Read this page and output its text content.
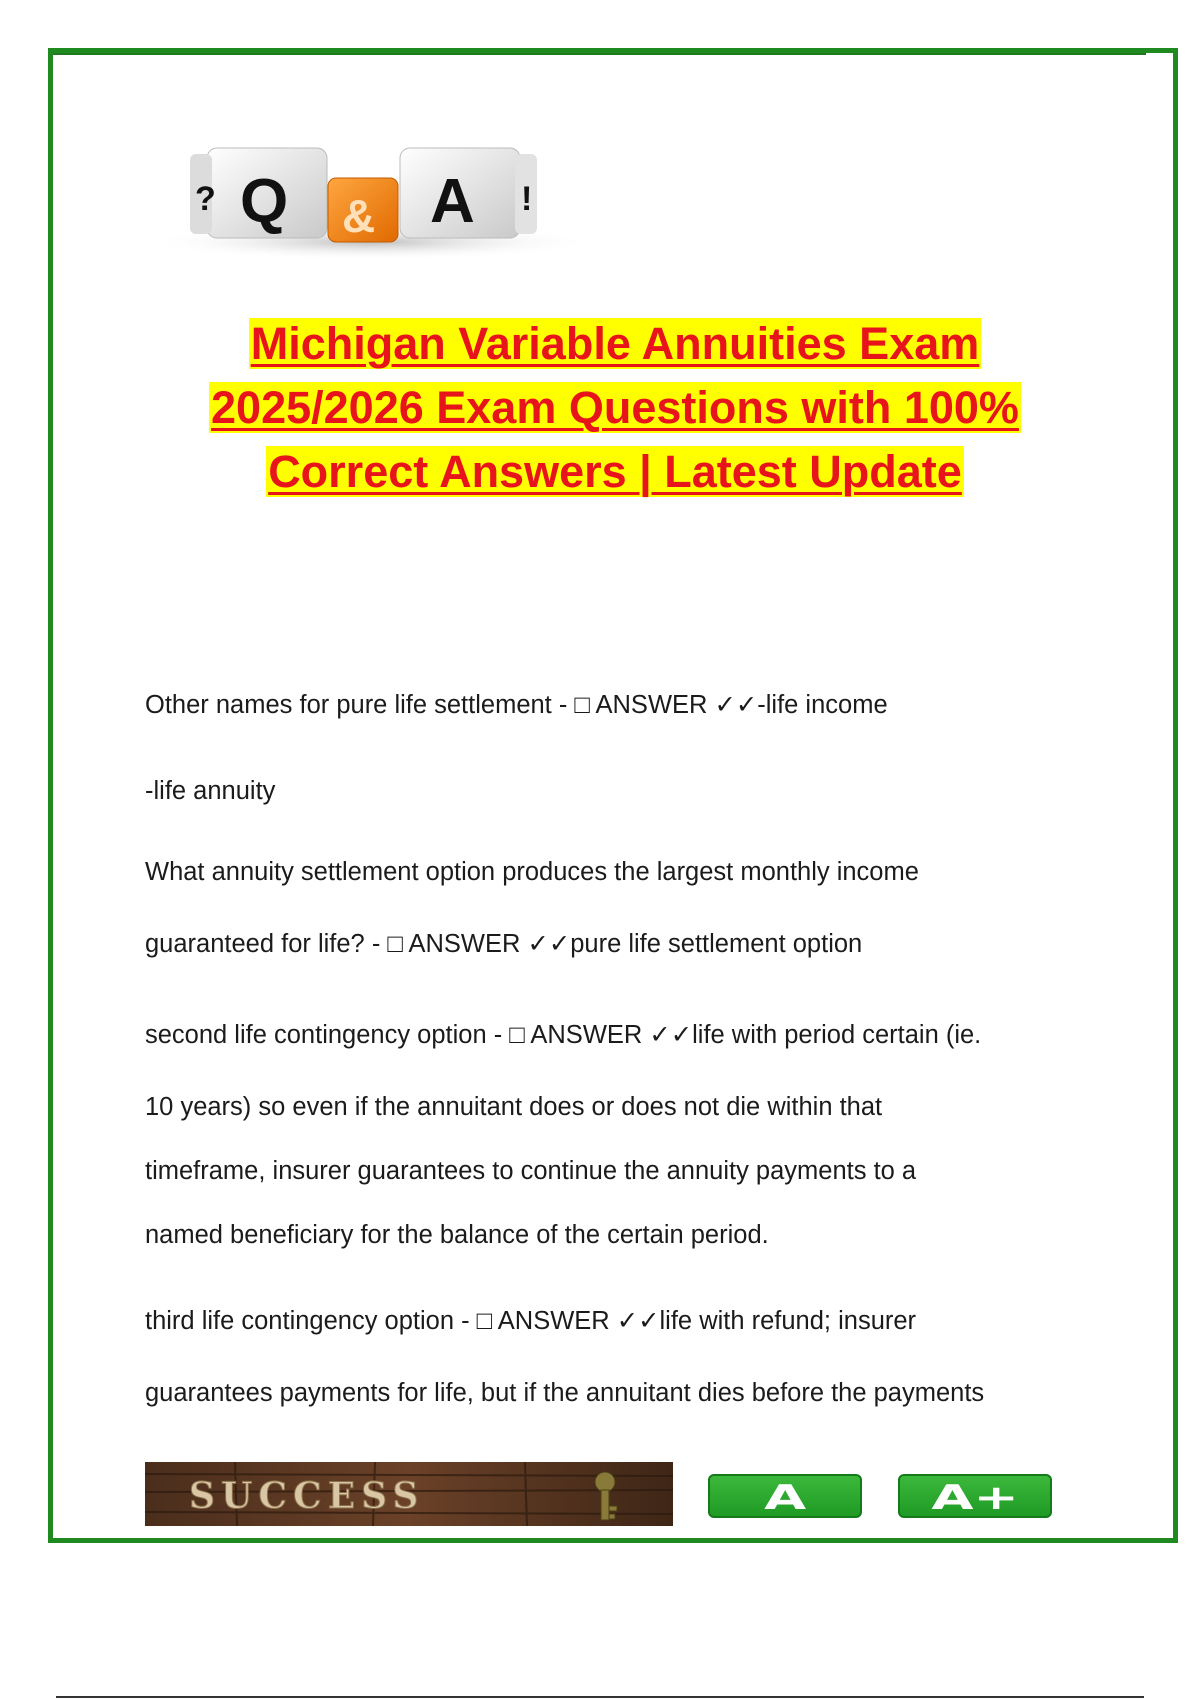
? Q & A !
Michigan Variable Annuities Exam
2025/2026 Exam Questions with 100%
Correct Answers | Latest Update

Other names for pure life settlement - □ ANSWER ✓✓-life income

-life annuity

What annuity settlement option produces the largest monthly income

guaranteed for life? - □ ANSWER ✓✓pure life settlement option

second life contingency option - □ ANSWER ✓✓life with period certain (ie.

10 years) so even if the annuitant does or does not die within that

timeframe, insurer guarantees to continue the annuity payments to a

named beneficiary for the balance of the certain period.

third life contingency option - □ ANSWER ✓✓life with refund; insurer

guarantees payments for life, but if the annuitant dies before the payments

SUCCESS	A	A+
